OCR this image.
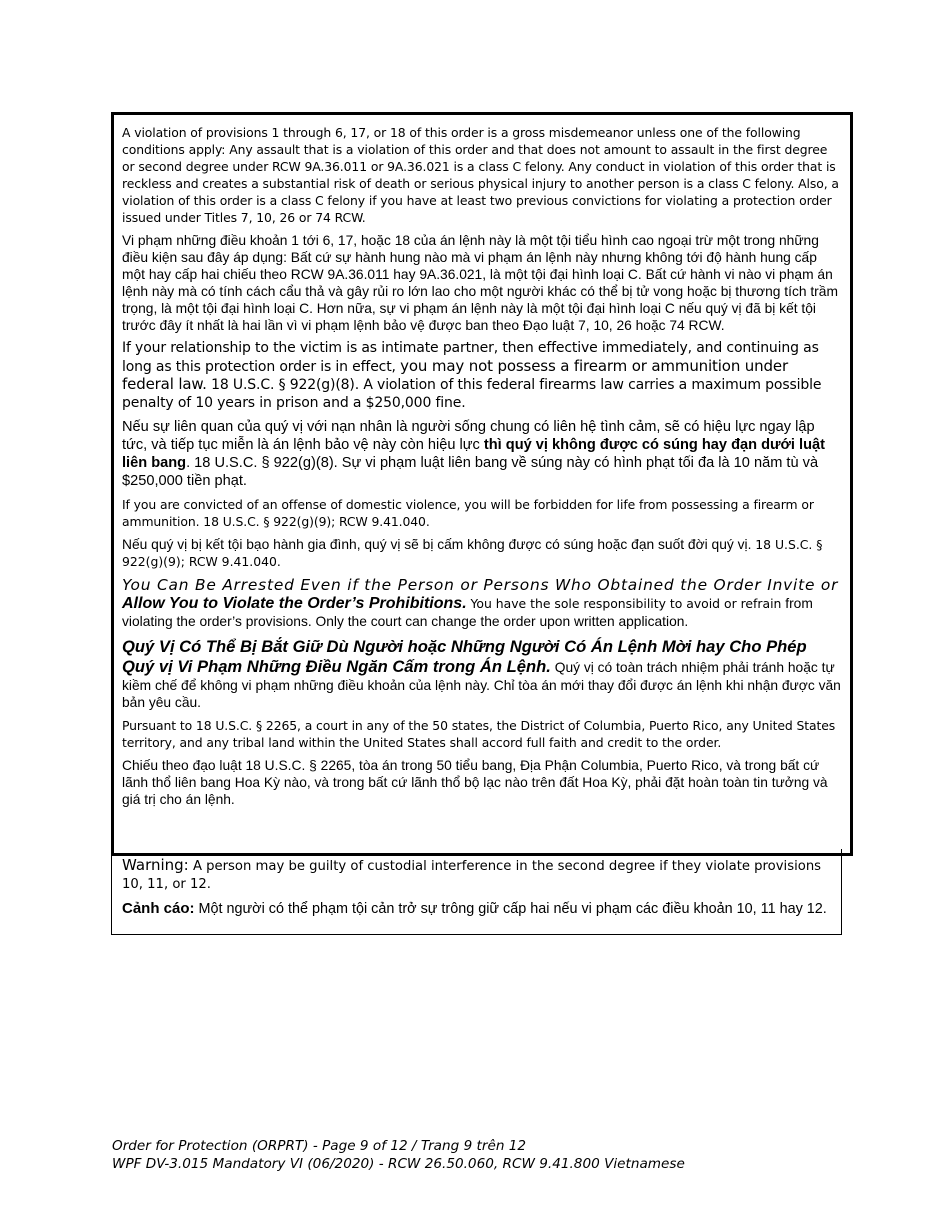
A violation of provisions 1 through 6, 17, or 18 of this order is a gross misdemeanor unless one of the following conditions apply: Any assault that is a violation of this order and that does not amount to assault in the first degree or second degree under RCW 9A.36.011 or 9A.36.021 is a class C felony. Any conduct in violation of this order that is reckless and creates a substantial risk of death or serious physical injury to another person is a class C felony. Also, a violation of this order is a class C felony if you have at least two previous convictions for violating a protection order issued under Titles 7, 10, 26 or 74 RCW.

Vi phạm những điều khoản 1 tới 6, 17, hoặc 18 của án lệnh này là một tội tiểu hình cao ngoại trừ một trong những điều kiện sau đây áp dụng: Bất cứ sự hành hung nào mà vi phạm án lệnh này nhưng không tới độ hành hung cấp một hay cấp hai chiếu theo RCW 9A.36.011 hay 9A.36.021, là một tội đại hình loại C. Bất cứ hành vi nào vi phạm án lệnh này mà có tính cách cẩu thả và gây rủi ro lớn lao cho một người khác có thể bị tử vong hoặc bị thương tích trầm trọng, là một tội đại hình loại C. Hơn nữa, sự vi phạm án lệnh này là một tội đại hình loại C nếu quý vị đã bị kết tội trước đây ít nhất là hai lần vì vi phạm lệnh bảo vệ được ban theo Đạo luật 7, 10, 26 hoặc 74 RCW.

If your relationship to the victim is as intimate partner, then effective immediately, and continuing as long as this protection order is in effect, you may not possess a firearm or ammunition under federal law. 18 U.S.C. § 922(g)(8). A violation of this federal firearms law carries a maximum possible penalty of 10 years in prison and a $250,000 fine.

Nếu sự liên quan của quý vị với nạn nhân là người sống chung có liên hệ tình cảm, sẽ có hiệu lực ngay lập tức, và tiếp tục miễn là án lệnh bảo vệ này còn hiệu lực thì quý vị không được có súng hay đạn dưới luật liên bang. 18 U.S.C. § 922(g)(8). Sự vi phạm luật liên bang về súng này có hình phạt tối đa là 10 năm tù và $250,000 tiền phạt.

If you are convicted of an offense of domestic violence, you will be forbidden for life from possessing a firearm or ammunition. 18 U.S.C. § 922(g)(9); RCW 9.41.040.

Nếu quý vị bị kết tội bạo hành gia đình, quý vị sẽ bị cấm không được có súng hoặc đạn suốt đời quý vị. 18 U.S.C. § 922(g)(9); RCW 9.41.040.

You Can Be Arrested Even if the Person or Persons Who Obtained the Order Invite or Allow You to Violate the Order’s Prohibitions. You have the sole responsibility to avoid or refrain from violating the order’s provisions. Only the court can change the order upon written application.

Quý Vị Có Thể Bị Bắt Giữ Dù Người hoặc Những Người Có Án Lệnh Mời hay Cho Phép Quý vị Vi Phạm Những Điều Ngăn Cấm trong Án Lệnh. Quý vị có toàn trách nhiệm phải tránh hoặc tự kiềm chế để không vi phạm những điều khoản của lệnh này. Chỉ tòa án mới thay đổi được án lệnh khi nhận được văn bản yêu cầu.

Pursuant to 18 U.S.C. § 2265, a court in any of the 50 states, the District of Columbia, Puerto Rico, any United States territory, and any tribal land within the United States shall accord full faith and credit to the order.

Chiếu theo đạo luật 18 U.S.C. § 2265, tòa án trong 50 tiểu bang, Địa Phận Columbia, Puerto Rico, và trong bất cứ lãnh thổ liên bang Hoa Kỳ nào, và trong bất cứ lãnh thổ bộ lạc nào trên đất Hoa Kỳ, phải đặt hoàn toàn tin tưởng và giá trị cho án lệnh.

Warning: A person may be guilty of custodial interference in the second degree if they violate provisions 10, 11, or 12.

Cảnh cáo: Một người có thể phạm tội cản trở sự trông giữ cấp hai nếu vi phạm các điều khoản 10, 11 hay 12.

Order for Protection (ORPRT) - Page 9 of 12 / Trang 9 trên 12
WPF DV-3.015 Mandatory VI (06/2020) - RCW 26.50.060, RCW 9.41.800 Vietnamese
